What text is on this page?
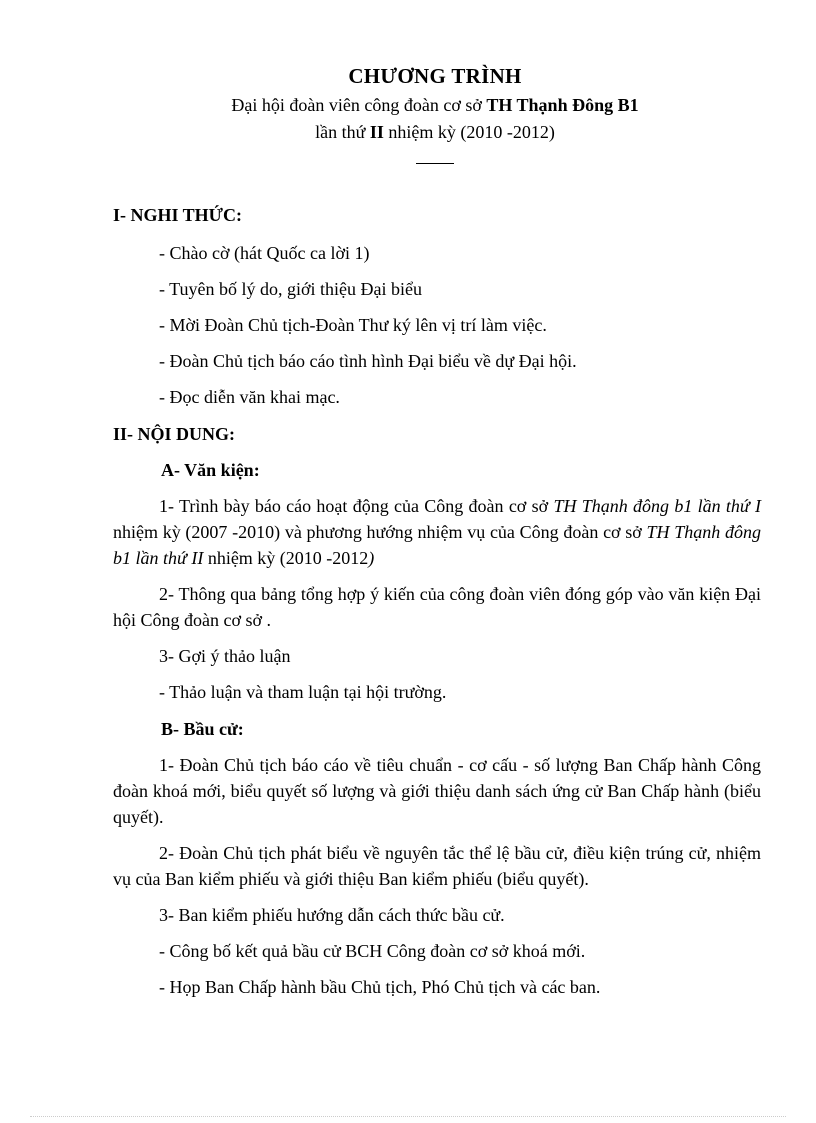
CHƯƠNG TRÌNH
Đại hội đoàn viên công đoàn cơ sở TH Thạnh Đông B1
lần thứ II nhiệm kỳ (2010 -2012)

I- NGHI THỨC:

- Chào cờ (hát Quốc ca lời 1)

- Tuyên bố lý do, giới thiệu Đại biểu

- Mời Đoàn Chủ tịch-Đoàn Thư ký lên vị trí làm việc.

- Đoàn Chủ tịch báo cáo tình hình Đại biểu về dự Đại hội.

- Đọc diễn văn khai mạc.

II- NỘI DUNG:

A- Văn kiện:

1- Trình bày báo cáo hoạt động của Công đoàn cơ sở TH Thạnh đông b1 lần thứ I nhiệm kỳ (2007 -2010) và phương hướng nhiệm vụ của Công đoàn cơ sở TH Thạnh đông b1 lần thứ II nhiệm kỳ (2010 -2012)

2- Thông qua bảng tổng hợp ý kiến của công đoàn viên đóng góp vào văn kiện Đại hội Công đoàn cơ sở .

3- Gợi ý thảo luận

- Thảo luận và tham luận tại hội trường.

B- Bầu cử:

1- Đoàn Chủ tịch báo cáo về tiêu chuẩn - cơ cấu - số lượng Ban Chấp hành Công đoàn khoá mới, biểu quyết số lượng và giới thiệu danh sách ứng cử Ban Chấp hành (biểu quyết).

2- Đoàn Chủ tịch phát biểu về nguyên tắc thể lệ bầu cử, điều kiện trúng cử, nhiệm vụ của Ban kiểm phiếu và giới thiệu Ban kiểm phiếu (biểu quyết).

3- Ban kiểm phiếu hướng dẫn cách thức bầu cử.

- Công bố kết quả bầu cử BCH Công đoàn cơ sở khoá mới.

- Họp Ban Chấp hành bầu Chủ tịch, Phó Chủ tịch và các ban.
